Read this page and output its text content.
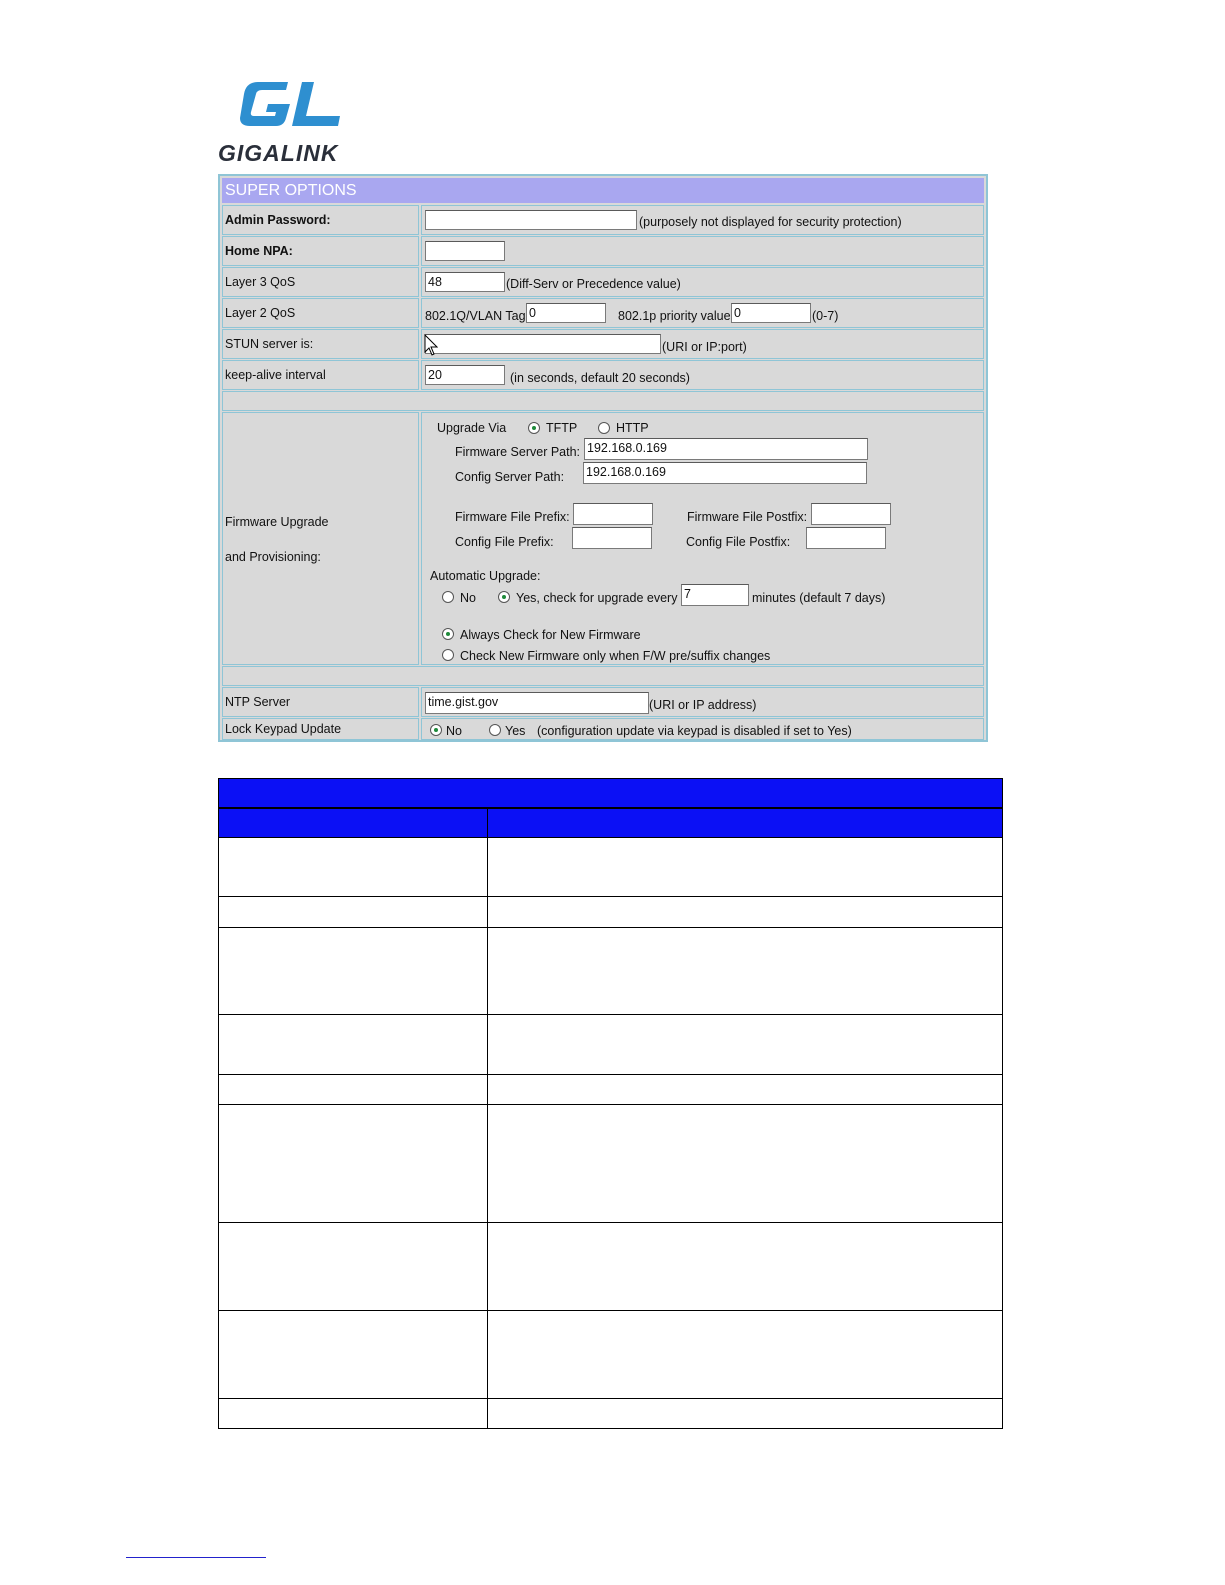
GIGALINK
SUPER OPTIONS
Admin Password:	(purposely not displayed for security protection)
Home NPA:
Layer 3 QoS	48	(Diff-Serv or Precedence value)
Layer 2 QoS	802.1Q/VLAN Tag 0	802.1p priority value 0	(0-7)
STUN server is:	(URI or IP:port)
keep-alive interval	20	(in seconds, default 20 seconds)
Firmware Upgrade
and Provisioning:
Upgrade Via	TFTP	HTTP
Firmware Server Path: 192.168.0.169
Config Server Path: 192.168.0.169
Firmware File Prefix:	Firmware File Postfix:
Config File Prefix:	Config File Postfix:
Automatic Upgrade:
No	Yes, check for upgrade every 7	minutes (default 7 days)
Always Check for New Firmware
Check New Firmware only when F/W pre/suffix changes
NTP Server	time.gist.gov	(URI or IP address)
Lock Keypad Update	No	Yes (configuration update via keypad is disabled if set to Yes)
